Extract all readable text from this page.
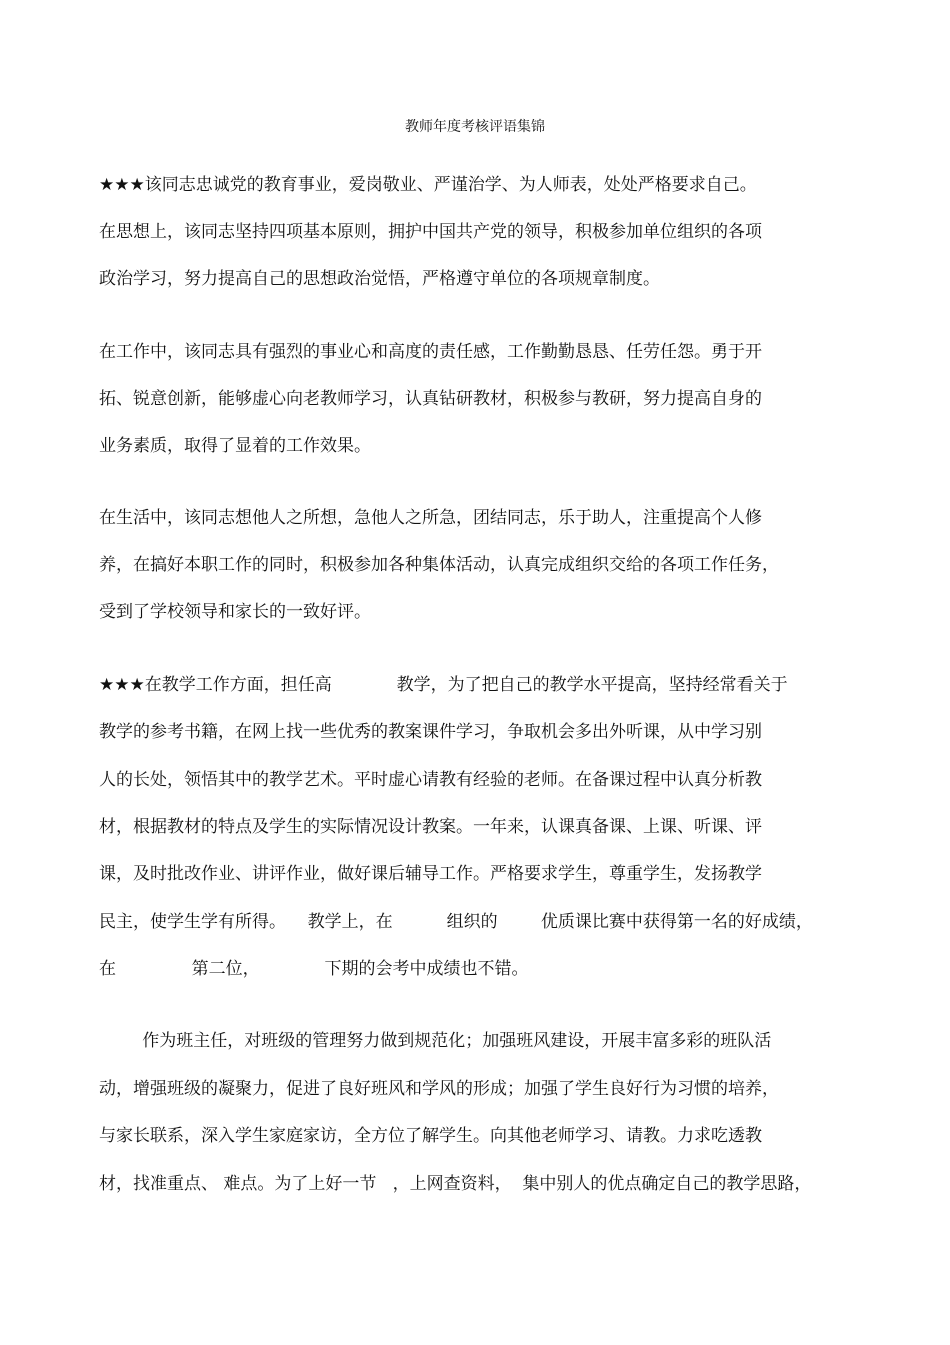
教师年度考核评语集锦
★★★该同志忠诚党的教育事业，爱岗敬业、严谨治学、为人师表，处处严格要求自己。
在思想上，该同志坚持四项基本原则，拥护中国共产党的领导，积极参加单位组织的各项
政治学习，努力提高自己的思想政治觉悟，严格遵守单位的各项规章制度。
在工作中，该同志具有强烈的事业心和高度的责任感，工作勤勤恳恳、任劳任怨。勇于开
拓、锐意创新，能够虚心向老教师学习，认真钻研教材，积极参与教研，努力提高自身的
业务素质，取得了显着的工作效果。
在生活中，该同志想他人之所想，急他人之所急，团结同志，乐于助人，注重提高个人修
养，在搞好本职工作的同时，积极参加各种集体活动，认真完成组织交给的各项工作任务，
受到了学校领导和家长的一致好评。
★★★在教学工作方面，担任高            教学，为了把自己的教学水平提高，坚持经常看关于
教学的参考书籍，在网上找一些优秀的教案课件学习，争取机会多出外听课，从中学习别
人的长处，领悟其中的教学艺术。平时虚心请教有经验的老师。在备课过程中认真分析教
材，根据教材的特点及学生的实际情况设计教案。一年来，认课真备课、上课、听课、评
课，及时批改作业、讲评作业，做好课后辅导工作。严格要求学生，尊重学生，发扬教学
民主，使学生学有所得。    教学上，在          组织的        优质课比赛中获得第一名的好成绩，
在              第二位，            下期的会考中成绩也不错。
作为班主任，对班级的管理努力做到规范化；加强班风建设，开展丰富多彩的班队活
动，增强班级的凝聚力，促进了良好班风和学风的形成；加强了学生良好行为习惯的培养，
与家长联系，深入学生家庭家访，全方位了解学生。向其他老师学习、请教。力求吃透教
材，找准重点、 难点。为了上好一节   ，上网查资料，  集中别人的优点确定自己的教学思路，
